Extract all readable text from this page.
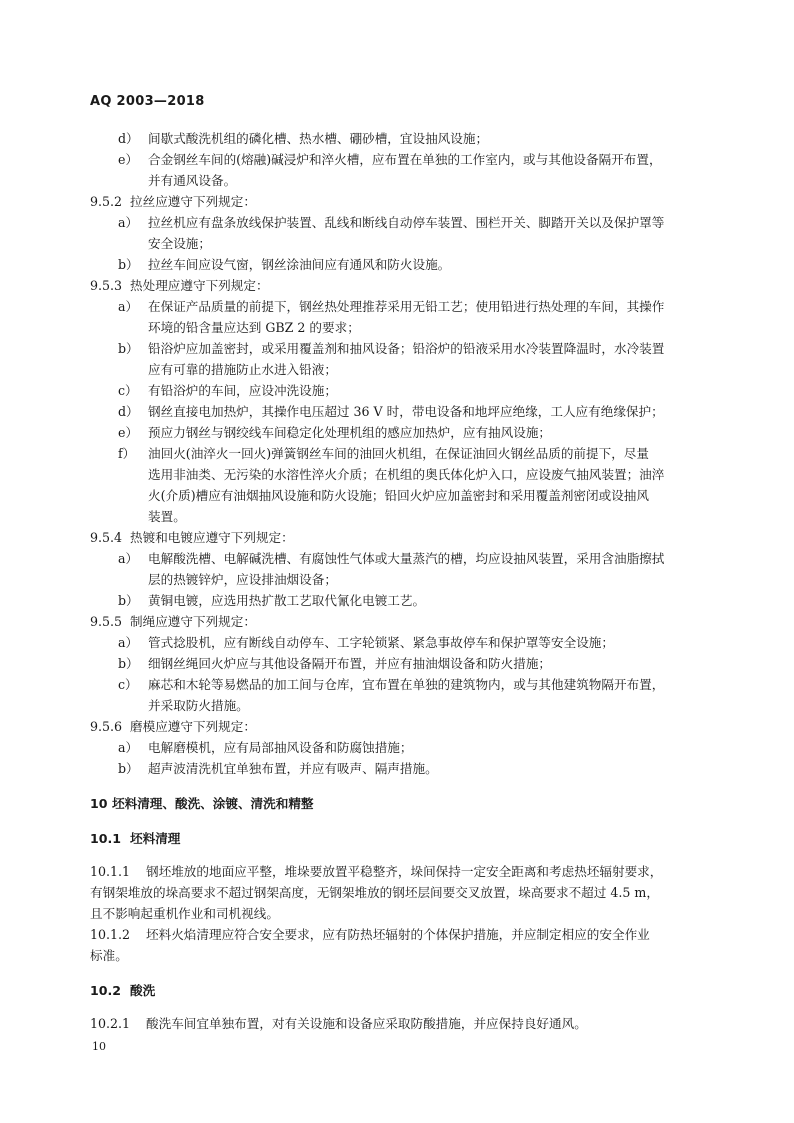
AQ 2003—2018
d） 间歇式酸洗机组的磷化槽、热水槽、硼砂槽，宜设抽风设施；
e） 合金钢丝车间的(熔融)碱浸炉和淬火槽，应布置在单独的工作室内，或与其他设备隔开布置，
并有通风设备。
9.5.2 拉丝应遵守下列规定：
a） 拉丝机应有盘条放线保护装置、乱线和断线自动停车装置、围栏开关、脚踏开关以及保护罩等
安全设施；
b） 拉丝车间应设气窗，钢丝涂油间应有通风和防火设施。
9.5.3 热处理应遵守下列规定：
a） 在保证产品质量的前提下，钢丝热处理推荐采用无铅工艺；使用铅进行热处理的车间，其操作
环境的铅含量应达到 GBZ 2 的要求；
b） 铅浴炉应加盖密封，或采用覆盖剂和抽风设备；铅浴炉的铅液采用水冷装置降温时，水冷装置
应有可靠的措施防止水进入铅液；
c） 有铅浴炉的车间，应设冲洗设施；
d） 钢丝直接电加热炉，其操作电压超过 36 V 时，带电设备和地坪应绝缘，工人应有绝缘保护；
e） 预应力钢丝与钢绞线车间稳定化处理机组的感应加热炉，应有抽风设施；
f） 油回火(油淬火一回火)弹簧钢丝车间的油回火机组，在保证油回火钢丝品质的前提下，尽量
选用非油类、无污染的水溶性淬火介质；在机组的奥氏体化炉入口，应设废气抽风装置；油淬
火(介质)槽应有油烟抽风设施和防火设施；铅回火炉应加盖密封和采用覆盖剂密闭或设抽风
装置。
9.5.4 热镀和电镀应遵守下列规定：
a） 电解酸洗槽、电解碱洗槽、有腐蚀性气体或大量蒸汽的槽，均应设抽风装置，采用含油脂擦拭
层的热镀锌炉，应设排油烟设备；
b） 黄铜电镀，应选用热扩散工艺取代氰化电镀工艺。
9.5.5 制绳应遵守下列规定：
a） 管式捻股机，应有断线自动停车、工字轮锁紧、紧急事故停车和保护罩等安全设施；
b） 细钢丝绳回火炉应与其他设备隔开布置，并应有抽油烟设备和防火措施；
c） 麻芯和木轮等易燃品的加工间与仓库，宜布置在单独的建筑物内，或与其他建筑物隔开布置，
并采取防火措施。
9.5.6 磨模应遵守下列规定：
a） 电解磨模机，应有局部抽风设备和防腐蚀措施；
b） 超声波清洗机宜单独布置，并应有吸声、隔声措施。
10 坯料清理、酸洗、涂镀、清洗和精整
10.1 坯料清理
10.1.1 钢坯堆放的地面应平整，堆垛要放置平稳整齐，垛间保持一定安全距离和考虑热坯辐射要求，
有钢架堆放的垛高要求不超过钢架高度，无钢架堆放的钢坯层间要交叉放置，垛高要求不超过 4.5 m，
且不影响起重机作业和司机视线。
10.1.2 坯料火焰清理应符合安全要求，应有防热坯辐射的个体保护措施，并应制定相应的安全作业
标准。
10.2 酸洗
10.2.1 酸洗车间宜单独布置，对有关设施和设备应采取防酸措施，并应保持良好通风。
10
